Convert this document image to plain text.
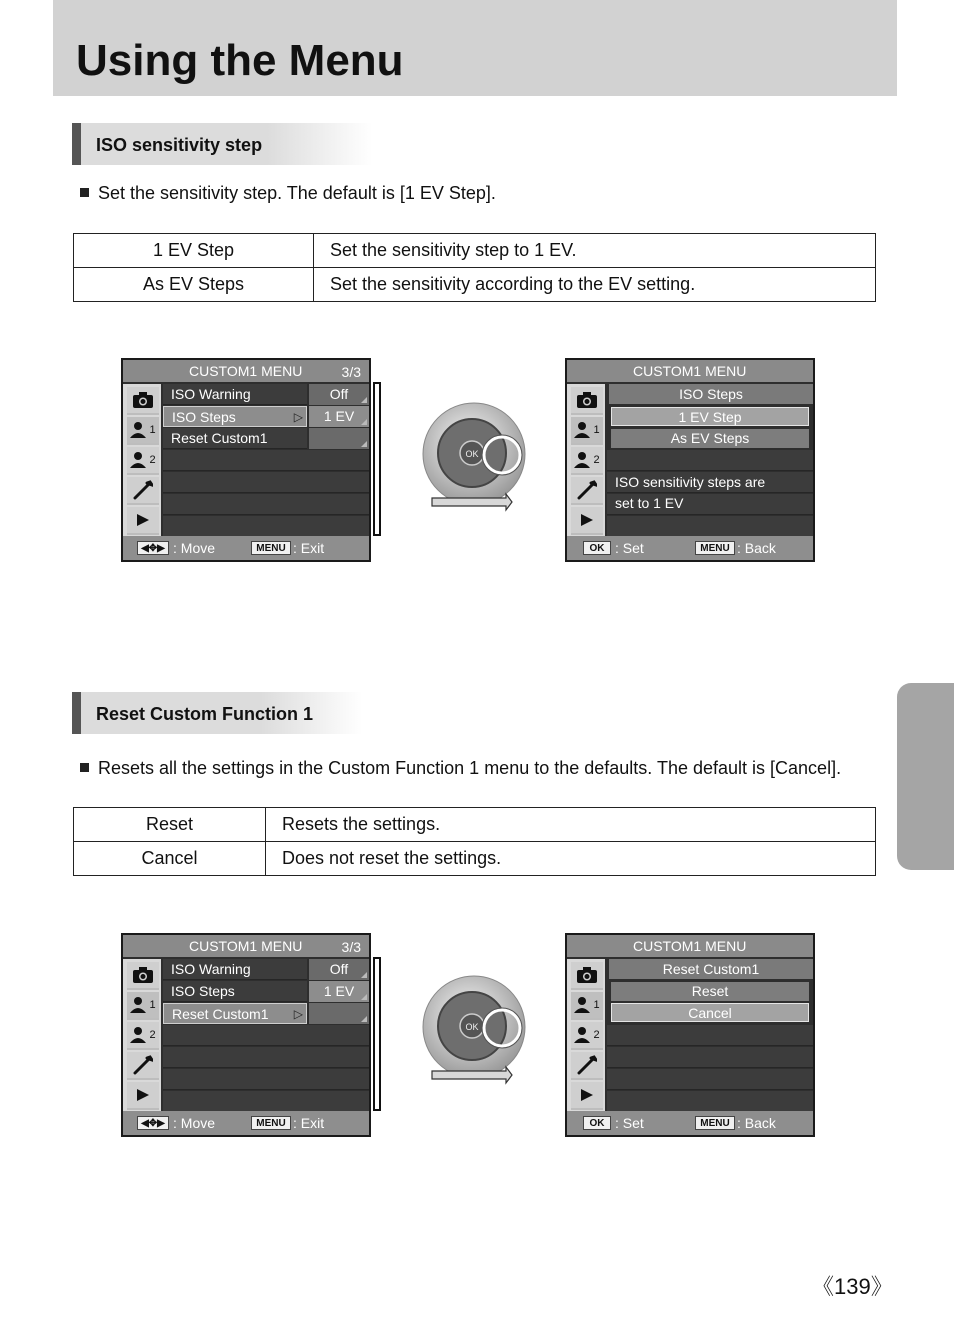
Using the Menu
ISO sensitivity step
Set the sensitivity step. The default is [1 EV Step].
1 EV Step	Set the sensitivity step to 1 EV.
As EV Steps	Set the sensitivity according to the EV setting.
CUSTOM1 MENU	3/3
1
2
ISO Warning	Off
ISO Steps	▷	1 EV
Reset Custom1
◀✥▶ : Move	MENU : Exit
OK
CUSTOM1 MENU
1
2
ISO Steps
1 EV Step
As EV Steps
ISO sensitivity steps are
set to 1 EV
OK : Set	MENU : Back
Reset Custom Function 1
Resets all the settings in the Custom Function 1 menu to the defaults. The default is [Cancel].
Reset	Resets the settings.
Cancel	Does not reset the settings.
CUSTOM1 MENU	3/3
1
2
ISO Warning	Off
ISO Steps	1 EV
Reset Custom1 ▷
◀✥▶ : Move	MENU : Exit
OK
CUSTOM1 MENU
1
2
Reset Custom1
Reset
Cancel
OK : Set	MENU : Back
《139》
